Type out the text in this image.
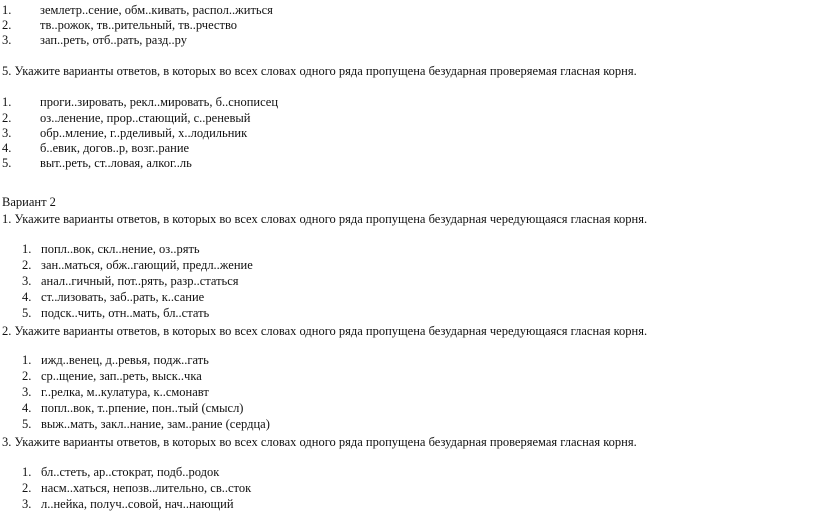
1. землетр..сение, обм..кивать, распол..житься
2. тв..рожок, тв..рительный, тв..рчество
3. зап..реть, отб..рать, разд..ру
5. Укажите варианты ответов, в которых во всех словах одного ряда пропущена безударная проверяемая гласная корня.
1. проги..зировать, рекл..мировать, б..снописец
2. оз..ленение, прор..стающий, с..реневый
3. обр..мление, г..рделивый, х..лодильник
4. б..евик, догов..р, возг..рание
5. выт..реть, ст..ловая, алког..ль
Вариант 2
1. Укажите варианты ответов, в которых во всех словах одного ряда пропущена безударная чередующаяся гласная корня.
1. попл..вок, скл..нение, оз..рять
2. зан..маться, обж..гающий, предл..жение
3. анал..гичный, пот..рять, разр..статься
4. ст..лизовать, заб..рать, к..сание
5. подск..чить, отн..мать, бл..стать
2. Укажите варианты ответов, в которых во всех словах одного ряда пропущена безударная чередующаяся гласная корня.
1. ижд..венец, д..ревья, подж..гать
2. ср..щение, зап..реть, выск..чка
3. г..релка, м..кулатура, к..смонавт
4. попл..вок, т..рпение, пон..тый (смысл)
5. выж..мать, закл..нание, зам..рание (сердца)
3. Укажите варианты ответов, в которых во всех словах одного ряда пропущена безударная проверяемая гласная корня.
1. бл..стеть, ар..стократ, подб..родок
2. насм..хаться, непозв..лительно, св..сток
3. л..нейка, получ..совой, нач..нающий
